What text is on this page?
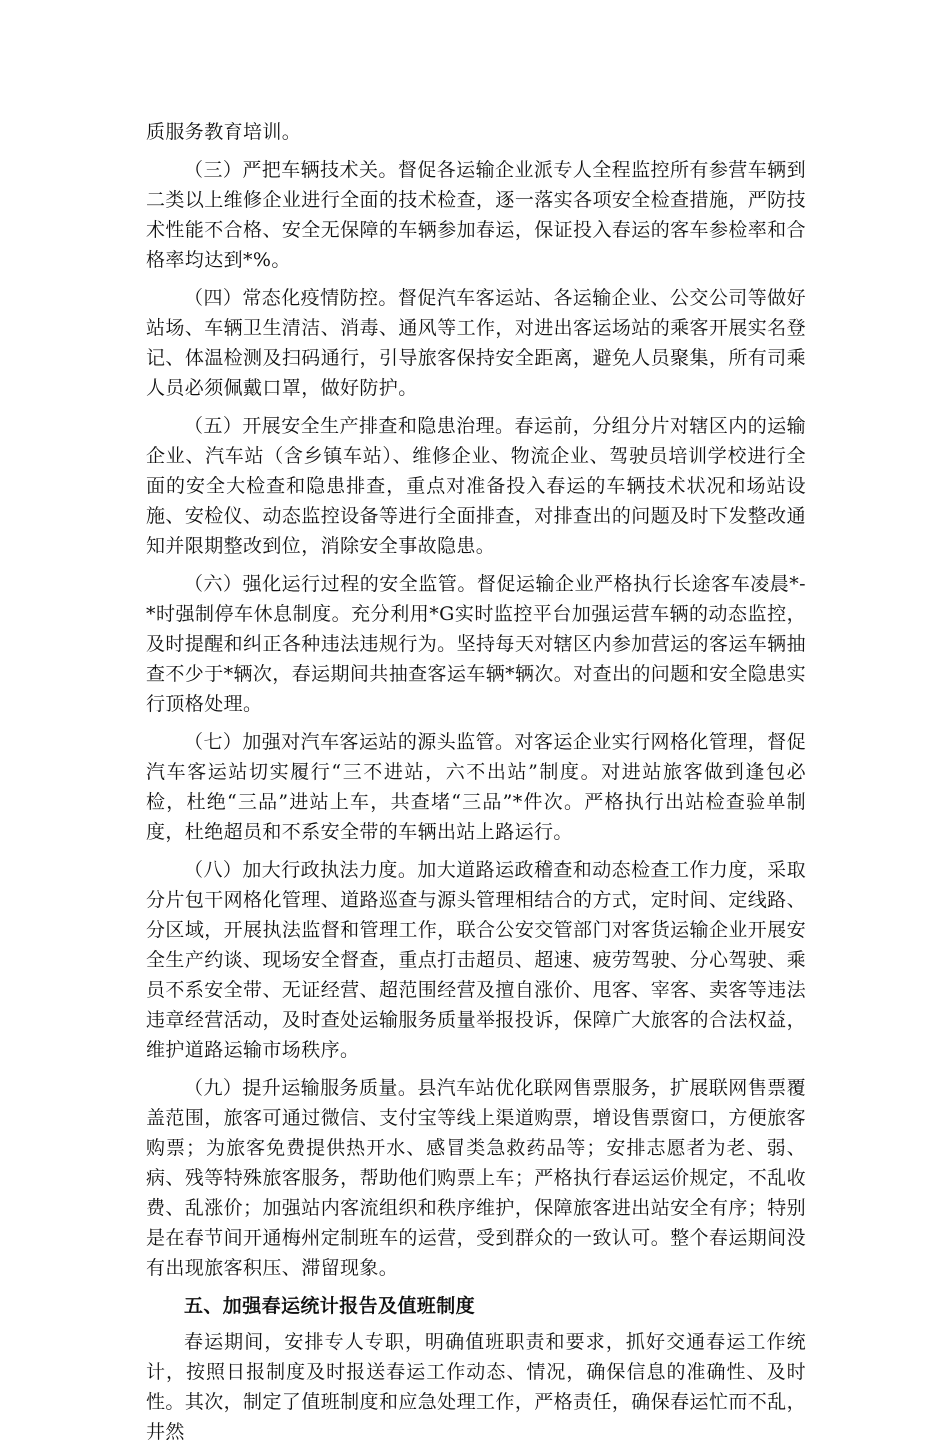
质服务教育培训。

（三）严把车辆技术关。督促各运输企业派专人全程监控所有参营车辆到二类以上维修企业进行全面的技术检查，逐一落实各项安全检查措施，严防技术性能不合格、安全无保障的车辆参加春运，保证投入春运的客车参检率和合格率均达到*%。

（四）常态化疫情防控。督促汽车客运站、各运输企业、公交公司等做好站场、车辆卫生清洁、消毒、通风等工作，对进出客运场站的乘客开展实名登记、体温检测及扫码通行，引导旅客保持安全距离，避免人员聚集，所有司乘人员必须佩戴口罩，做好防护。

（五）开展安全生产排查和隐患治理。春运前，分组分片对辖区内的运输企业、汽车站（含乡镇车站）、维修企业、物流企业、驾驶员培训学校进行全面的安全大检查和隐患排查，重点对准备投入春运的车辆技术状况和场站设施、安检仪、动态监控设备等进行全面排查，对排查出的问题及时下发整改通知并限期整改到位，消除安全事故隐患。

（六）强化运行过程的安全监管。督促运输企业严格执行长途客车凌晨*-*时强制停车休息制度。充分利用*G实时监控平台加强运营车辆的动态监控，及时提醒和纠正各种违法违规行为。坚持每天对辖区内参加营运的客运车辆抽查不少于*辆次，春运期间共抽查客运车辆*辆次。对查出的问题和安全隐患实行顶格处理。

（七）加强对汽车客运站的源头监管。对客运企业实行网格化管理，督促汽车客运站切实履行“三不进站，六不出站”制度。对进站旅客做到逢包必检，杜绝“三品”进站上车，共查堵“三品”*件次。严格执行出站检查验单制度，杜绝超员和不系安全带的车辆出站上路运行。

（八）加大行政执法力度。加大道路运政稽查和动态检查工作力度，采取分片包干网格化管理、道路巡查与源头管理相结合的方式，定时间、定线路、分区域，开展执法监督和管理工作，联合公安交管部门对客货运输企业开展安全生产约谈、现场安全督查，重点打击超员、超速、疲劳驾驶、分心驾驶、乘员不系安全带、无证经营、超范围经营及擅自涨价、甩客、宰客、卖客等违法违章经营活动，及时查处运输服务质量举报投诉，保障广大旅客的合法权益，维护道路运输市场秩序。

（九）提升运输服务质量。县汽车站优化联网售票服务，扩展联网售票覆盖范围，旅客可通过微信、支付宝等线上渠道购票，增设售票窗口，方便旅客购票；为旅客免费提供热开水、感冒类急救药品等；安排志愿者为老、弱、病、残等特殊旅客服务，帮助他们购票上车；严格执行春运运价规定，不乱收费、乱涨价；加强站内客流组织和秩序维护，保障旅客进出站安全有序；特别是在春节间开通梅州定制班车的运营，受到群众的一致认可。整个春运期间没有出现旅客积压、滞留现象。

五、加强春运统计报告及值班制度

春运期间，安排专人专职，明确值班职责和要求，抓好交通春运工作统计，按照日报制度及时报送春运工作动态、情况，确保信息的准确性、及时性。其次，制定了值班制度和应急处理工作，严格责任，确保春运忙而不乱，井然
